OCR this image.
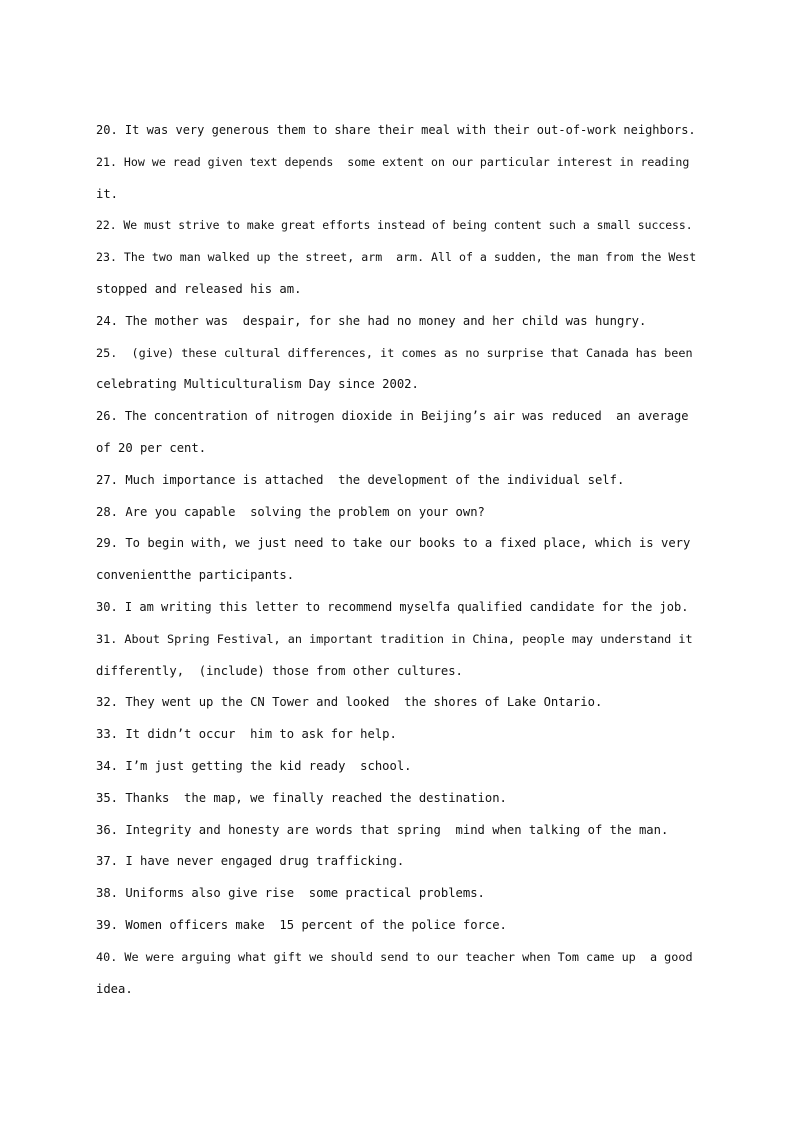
20. It was very generous them to share their meal with their out-of-work neighbors.
21. How we read given text depends  some extent on our particular interest in reading
it.
22. We must strive to make great efforts instead of being content such a small success.
23. The two man walked up the street, arm  arm. All of a sudden, the man from the West
stopped and released his am.
24. The mother was  despair, for she had no money and her child was hungry.
25.  (give) these cultural differences, it comes as no surprise that Canada has been
celebrating Multiculturalism Day since 2002.
26. The concentration of nitrogen dioxide in Beijing’s air was reduced  an average
of 20 per cent.
27. Much importance is attached  the development of the individual self.
28. Are you capable  solving the problem on your own?
29. To begin with, we just need to take our books to a fixed place, which is very
convenientthe participants.
30. I am writing this letter to recommend myselfa qualified candidate for the job.
31. About Spring Festival, an important tradition in China, people may understand it
differently,  (include) those from other cultures.
32. They went up the CN Tower and looked  the shores of Lake Ontario.
33. It didn’t occur  him to ask for help.
34. I’m just getting the kid ready  school.
35. Thanks  the map, we finally reached the destination.
36. Integrity and honesty are words that spring  mind when talking of the man.
37. I have never engaged drug trafficking.
38. Uniforms also give rise  some practical problems.
39. Women officers make  15 percent of the police force.
40. We were arguing what gift we should send to our teacher when Tom came up  a good
idea.
